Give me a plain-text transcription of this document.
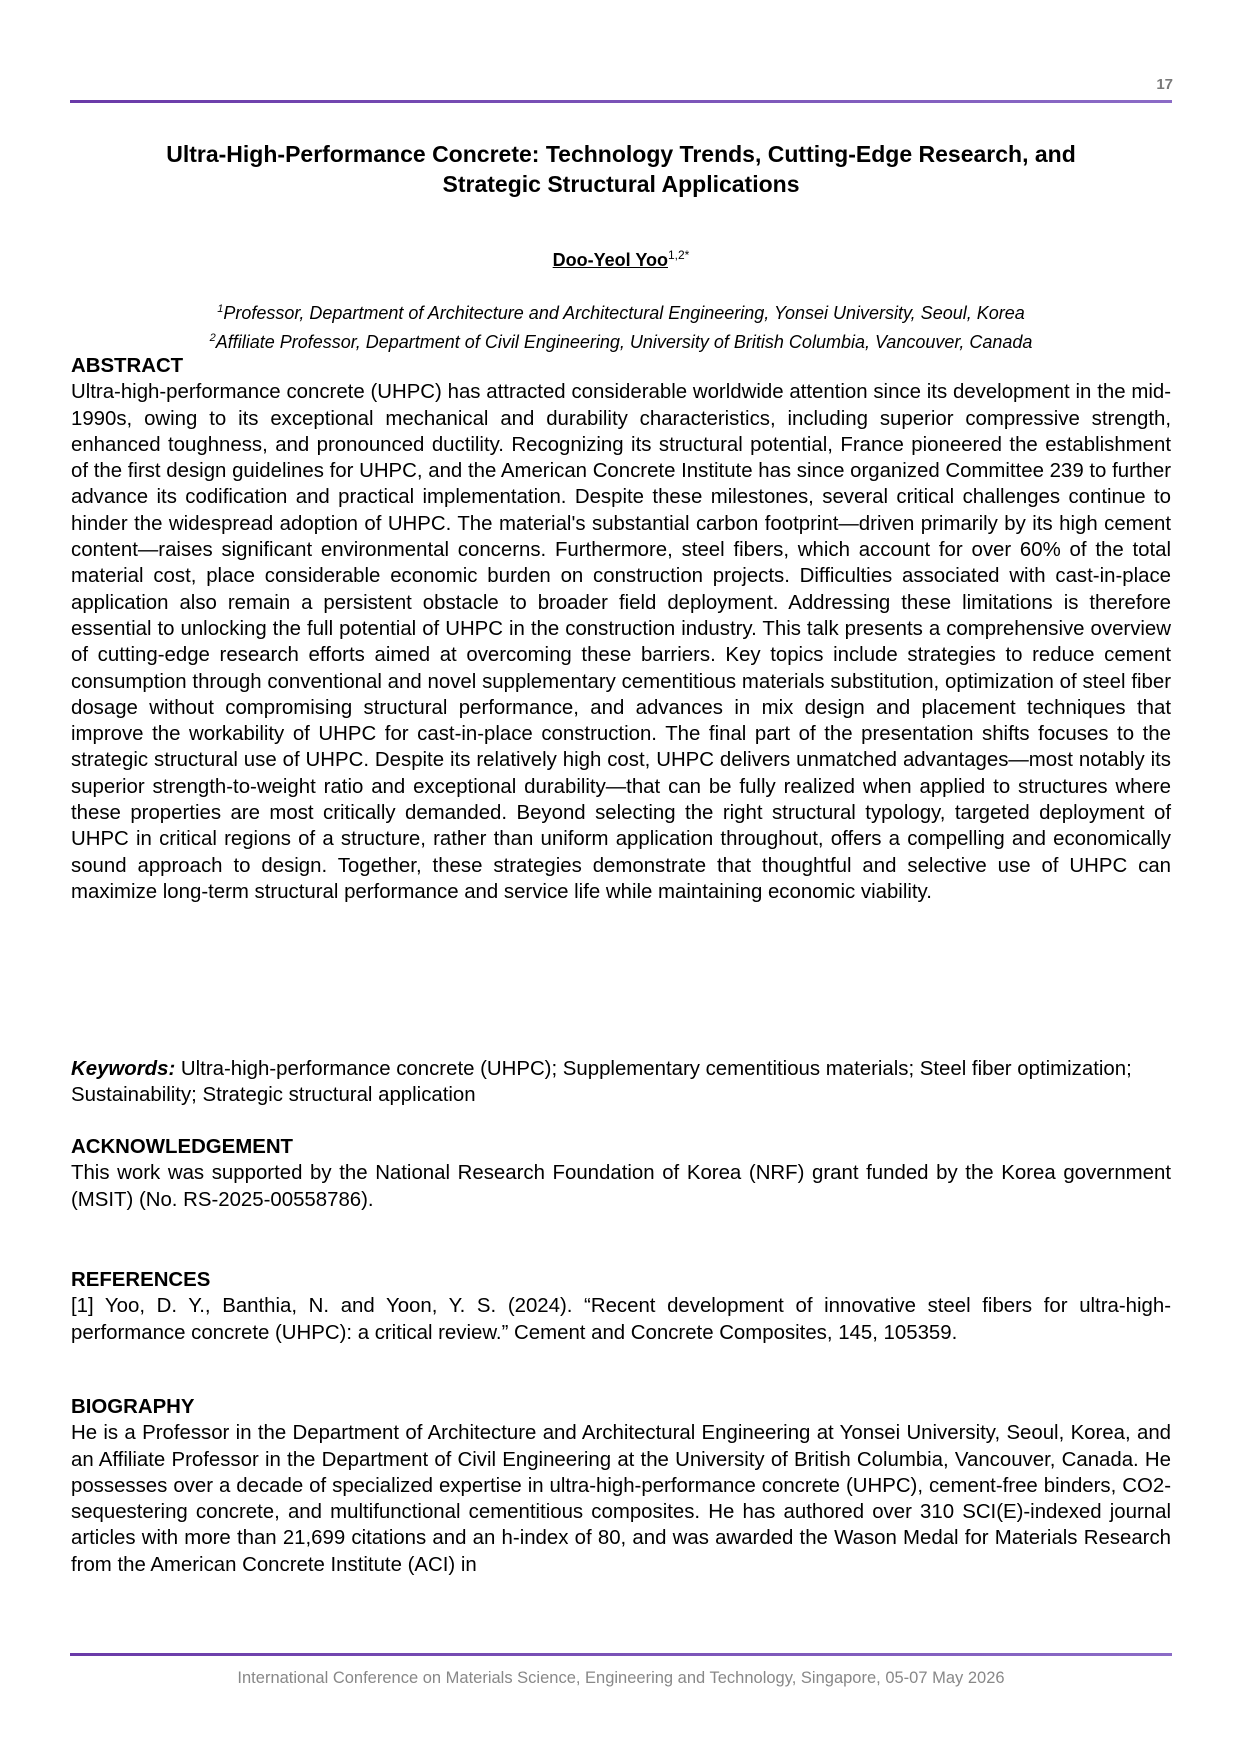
17
Ultra-High-Performance Concrete: Technology Trends, Cutting-Edge Research, and
Strategic Structural Applications
Doo-Yeol Yoo$^{1,2*}$
$^1$Professor, Department of Architecture and Architectural Engineering, Yonsei University, Seoul, Korea
$^2$Affiliate Professor, Department of Civil Engineering, University of British Columbia, Vancouver, Canada
ABSTRACT
Ultra-high-performance concrete (UHPC) has attracted considerable worldwide attention since its development in the mid-1990s, owing to its exceptional mechanical and durability characteristics, including superior compressive strength, enhanced toughness, and pronounced ductility. Recognizing its structural potential, France pioneered the establishment of the first design guidelines for UHPC, and the American Concrete Institute has since organized Committee 239 to further advance its codification and practical implementation. Despite these milestones, several critical challenges continue to hinder the widespread adoption of UHPC. The material's substantial carbon footprint—driven primarily by its high cement content—raises significant environmental concerns. Furthermore, steel fibers, which account for over 60% of the total material cost, place considerable economic burden on construction projects. Difficulties associated with cast-in-place application also remain a persistent obstacle to broader field deployment. Addressing these limitations is therefore essential to unlocking the full potential of UHPC in the construction industry. This talk presents a comprehensive overview of cutting-edge research efforts aimed at overcoming these barriers. Key topics include strategies to reduce cement consumption through conventional and novel supplementary cementitious materials substitution, optimization of steel fiber dosage without compromising structural performance, and advances in mix design and placement techniques that improve the workability of UHPC for cast-in-place construction. The final part of the presentation shifts focuses to the strategic structural use of UHPC. Despite its relatively high cost, UHPC delivers unmatched advantages—most notably its superior strength-to-weight ratio and exceptional durability—that can be fully realized when applied to structures where these properties are most critically demanded. Beyond selecting the right structural typology, targeted deployment of UHPC in critical regions of a structure, rather than uniform application throughout, offers a compelling and economically sound approach to design. Together, these strategies demonstrate that thoughtful and selective use of UHPC can maximize long-term structural performance and service life while maintaining economic viability.
Keywords: Ultra-high-performance concrete (UHPC); Supplementary cementitious materials; Steel fiber optimization; Sustainability; Strategic structural application
ACKNOWLEDGEMENT
This work was supported by the National Research Foundation of Korea (NRF) grant funded by the Korea government (MSIT) (No. RS-2025-00558786).
REFERENCES
[1] Yoo, D. Y., Banthia, N. and Yoon, Y. S. (2024). “Recent development of innovative steel fibers for ultra-high-performance concrete (UHPC): a critical review.” Cement and Concrete Composites, 145, 105359.
BIOGRAPHY
He is a Professor in the Department of Architecture and Architectural Engineering at Yonsei University, Seoul, Korea, and an Affiliate Professor in the Department of Civil Engineering at the University of British Columbia, Vancouver, Canada. He possesses over a decade of specialized expertise in ultra-high-performance concrete (UHPC), cement-free binders, CO2-sequestering concrete, and multifunctional cementitious composites. He has authored over 310 SCI(E)-indexed journal articles with more than 21,699 citations and an h-index of 80, and was awarded the Wason Medal for Materials Research from the American Concrete Institute (ACI) in
International Conference on Materials Science, Engineering and Technology, Singapore, 05-07 May 2026
